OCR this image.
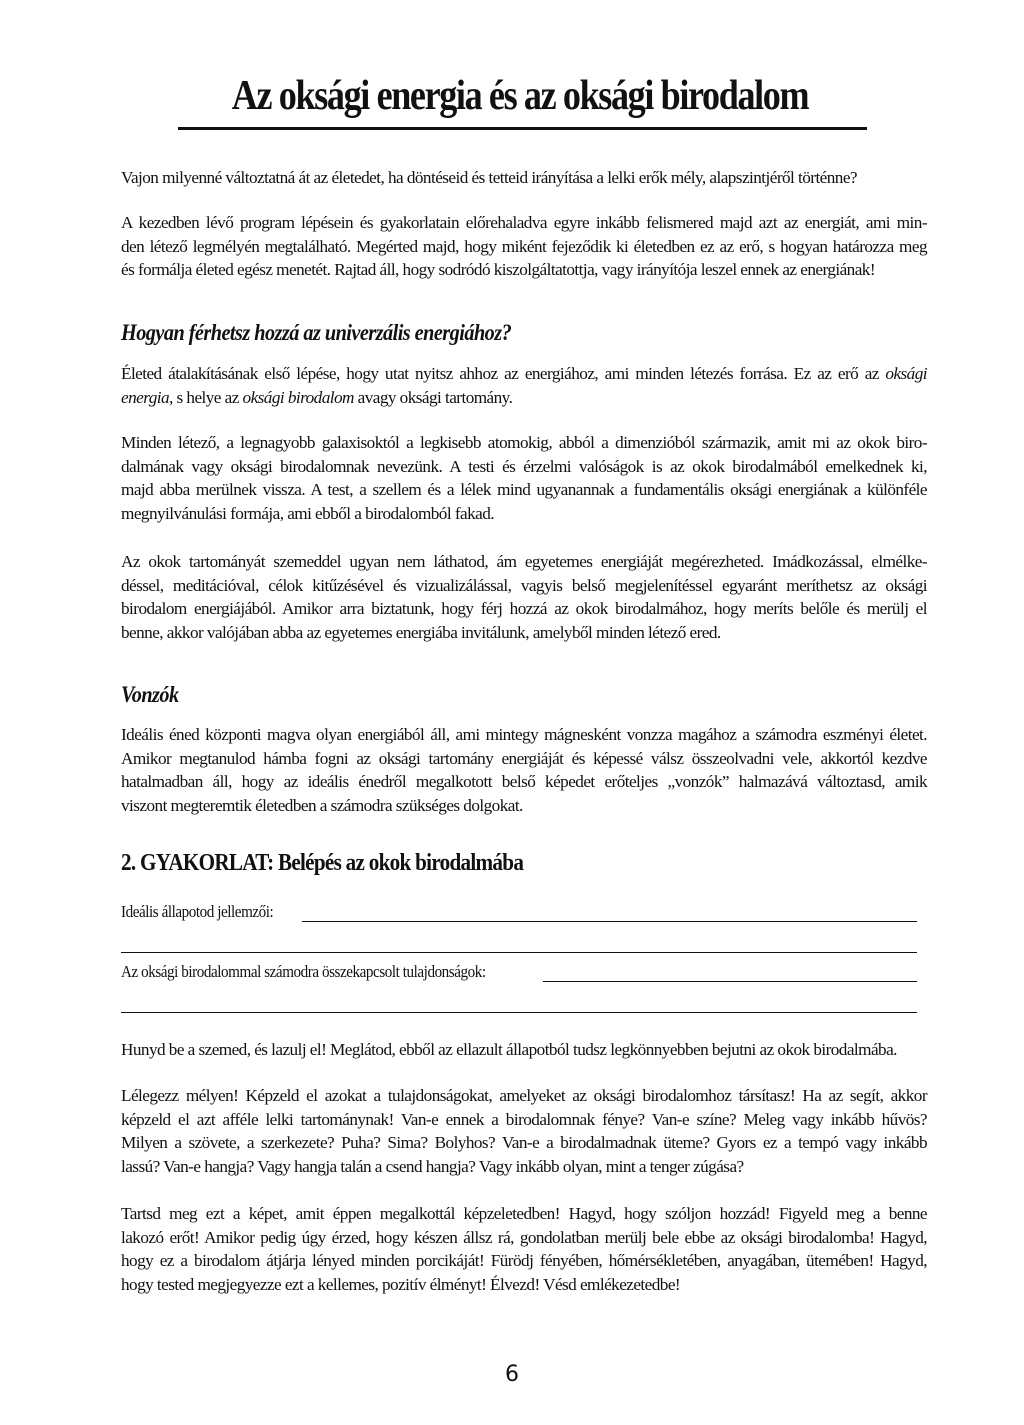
Az oksági energia és az oksági birodalom

Vajon milyenné változtatná át az életedet, ha döntéseid és tetteid irányítása a lelki erők mély, alapszintjéről történne?

A kezedben lévő program lépésein és gyakorlatain előrehaladva egyre inkább felismered majd azt az energiát, ami min-
den létező legmélyén megtalálható. Megérted majd, hogy miként fejeződik ki életedben ez az erő, s hogyan határozza meg
és formálja életed egész menetét. Rajtad áll, hogy sodródó kiszolgáltatottja, vagy irányítója leszel ennek az energiának!

Hogyan férhetsz hozzá az univerzális energiához?

Életed átalakításának első lépése, hogy utat nyitsz ahhoz az energiához, ami minden létezés forrása. Ez az erő az oksági
energia, s helye az oksági birodalom avagy oksági tartomány.

Minden létező, a legnagyobb galaxisoktól a legkisebb atomokig, abból a dimenzióból származik, amit mi az okok biro-
dalmának vagy oksági birodalomnak nevezünk. A testi és érzelmi valóságok is az okok birodalmából emelkednek ki,
majd abba merülnek vissza. A test, a szellem és a lélek mind ugyanannak a fundamentális oksági energiának a különféle
megnyilvánulási formája, ami ebből a birodalomból fakad.

Az okok tartományát szemeddel ugyan nem láthatod, ám egyetemes energiáját megérezheted. Imádkozással, elmélke-
déssel, meditációval, célok kitűzésével és vizualizálással, vagyis belső megjelenítéssel egyaránt meríthetsz az oksági
birodalom energiájából. Amikor arra biztatunk, hogy férj hozzá az okok birodalmához, hogy meríts belőle és merülj el
benne, akkor valójában abba az egyetemes energiába invitálunk, amelyből minden létező ered.

Vonzók

Ideális éned központi magva olyan energiából áll, ami mintegy mágnesként vonzza magához a számodra eszményi életet.
Amikor megtanulod hámba fogni az oksági tartomány energiáját és képessé válsz összeolvadni vele, akkortól kezdve
hatalmadban áll, hogy az ideális énedről megalkotott belső képedet erőteljes „vonzók” halmazává változtasd, amik
viszont megteremtik életedben a számodra szükséges dolgokat.

2. GYAKORLAT: Belépés az okok birodalmába
Ideális állapotod jellemzői:
Az oksági birodalommal számodra összekapcsolt tulajdonságok:

Hunyd be a szemed, és lazulj el! Meglátod, ebből az ellazult állapotból tudsz legkönnyebben bejutni az okok birodalmába.

Lélegezz mélyen! Képzeld el azokat a tulajdonságokat, amelyeket az oksági birodalomhoz társítasz! Ha az segít, akkor
képzeld el azt afféle lelki tartománynak! Van-e ennek a birodalomnak fénye? Van-e színe? Meleg vagy inkább hűvös?
Milyen a szövete, a szerkezete? Puha? Sima? Bolyhos? Van-e a birodalmadnak üteme? Gyors ez a tempó vagy inkább
lassú? Van-e hangja? Vagy hangja talán a csend hangja? Vagy inkább olyan, mint a tenger zúgása?

Tartsd meg ezt a képet, amit éppen megalkottál képzeletedben! Hagyd, hogy szóljon hozzád! Figyeld meg a benne
lakozó erőt! Amikor pedig úgy érzed, hogy készen állsz rá, gondolatban merülj bele ebbe az oksági birodalomba! Hagyd,
hogy ez a birodalom átjárja lényed minden porcikáját! Fürödj fényében, hőmérsékletében, anyagában, ütemében! Hagyd,
hogy tested megjegyezze ezt a kellemes, pozitív élményt! Élvezd! Vésd emlékezetedbe!

6
